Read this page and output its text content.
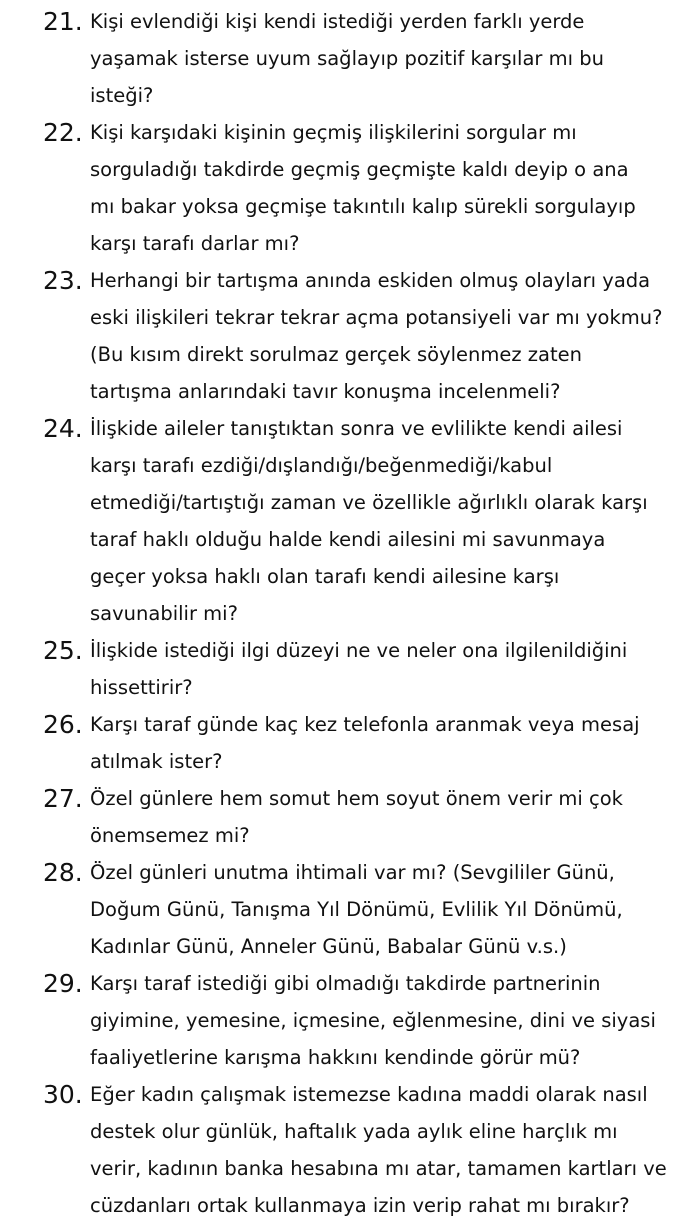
21. Kişi evlendiği kişi kendi istediği yerden farklı yerde
yaşamak isterse uyum sağlayıp pozitif karşılar mı bu
isteği?
22. Kişi karşıdaki kişinin geçmiş ilişkilerini sorgular mı
sorguladığı takdirde geçmiş geçmişte kaldı deyip o ana
mı bakar yoksa geçmişe takıntılı kalıp sürekli sorgulayıp
karşı tarafı darlar mı?
23. Herhangi bir tartışma anında eskiden olmuş olayları yada
eski ilişkileri tekrar tekrar açma potansiyeli var mı yokmu?
(Bu kısım direkt sorulmaz gerçek söylenmez zaten
tartışma anlarındaki tavır konuşma incelenmeli?
24. İlişkide aileler tanıştıktan sonra ve evlilikte kendi ailesi
karşı tarafı ezdiği/dışlandığı/beğenmediği/kabul
etmediği/tartıştığı zaman ve özellikle ağırlıklı olarak karşı
taraf haklı olduğu halde kendi ailesini mi savunmaya
geçer yoksa haklı olan tarafı kendi ailesine karşı
savunabilir mi?
25. İlişkide istediği ilgi düzeyi ne ve neler ona ilgilenildiğini
hissettirir?
26. Karşı taraf günde kaç kez telefonla aranmak veya mesaj
atılmak ister?
27. Özel günlere hem somut hem soyut önem verir mi çok
önemsemez mi?
28. Özel günleri unutma ihtimali var mı? (Sevgililer Günü,
Doğum Günü, Tanışma Yıl Dönümü, Evlilik Yıl Dönümü,
Kadınlar Günü, Anneler Günü, Babalar Günü v.s.)
29. Karşı taraf istediği gibi olmadığı takdirde partnerinin
giyimine, yemesine, içmesine, eğlenmesine, dini ve siyasi
faaliyetlerine karışma hakkını kendinde görür mü?
30. Eğer kadın çalışmak istemezse kadına maddi olarak nasıl
destek olur günlük, haftalık yada aylık eline harçlık mı
verir, kadının banka hesabına mı atar, tamamen kartları ve
cüzdanları ortak kullanmaya izin verip rahat mı bırakır?
